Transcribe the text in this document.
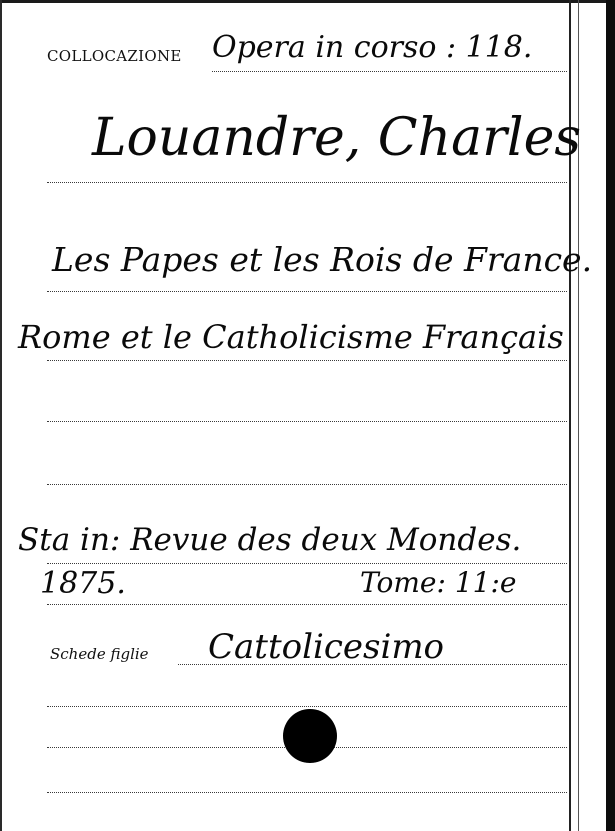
COLLOCAZIONE Opera in corso : 118.
Louandre, Charles
Les Papes et les Rois de France.
Rome et le Catholicisme Français
Sta in: Revue des deux Mondes.
1875.	Tome: 11:e
Schede figlie Cattolicesimo
